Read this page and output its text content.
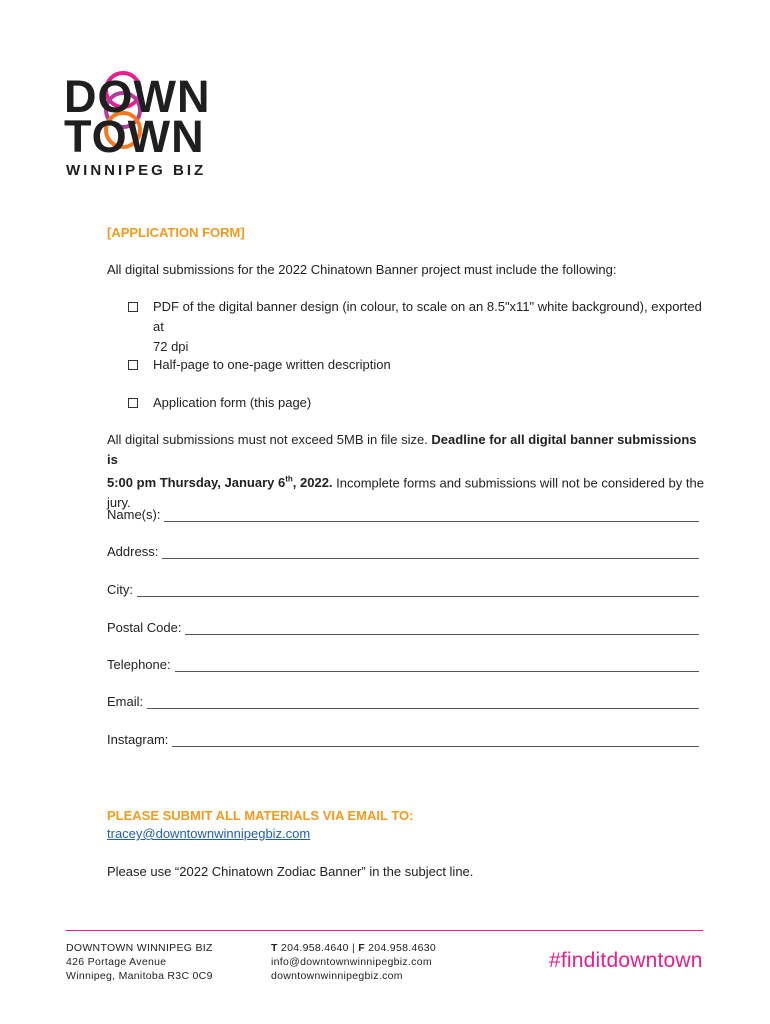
DOWN
TOWN
WINNIPEG BIZ
[APPLICATION FORM]
All digital submissions for the 2022 Chinatown Banner project must include the following:
PDF of the digital banner design (in colour, to scale on an 8.5"x11" white background), exported at
72 dpi
Half-page to one-page written description
Application form (this page)
All digital submissions must not exceed 5MB in file size. Deadline for all digital banner submissions is
5:00 pm Thursday, January 6th, 2022. Incomplete forms and submissions will not be considered by the jury.
Name(s):
Address:
City:
Postal Code:
Telephone:
Email:
Instagram:
PLEASE SUBMIT ALL MATERIALS VIA EMAIL TO:
tracey@downtownwinnipegbiz.com
Please use “2022 Chinatown Zodiac Banner” in the subject line.
DOWNTOWN WINNIPEG BIZ
426 Portage Avenue
Winnipeg, Manitoba R3C 0C9
T 204.958.4640 | F 204.958.4630
info@downtownwinnipegbiz.com
downtownwinnipegbiz.com
#finditdowntown
